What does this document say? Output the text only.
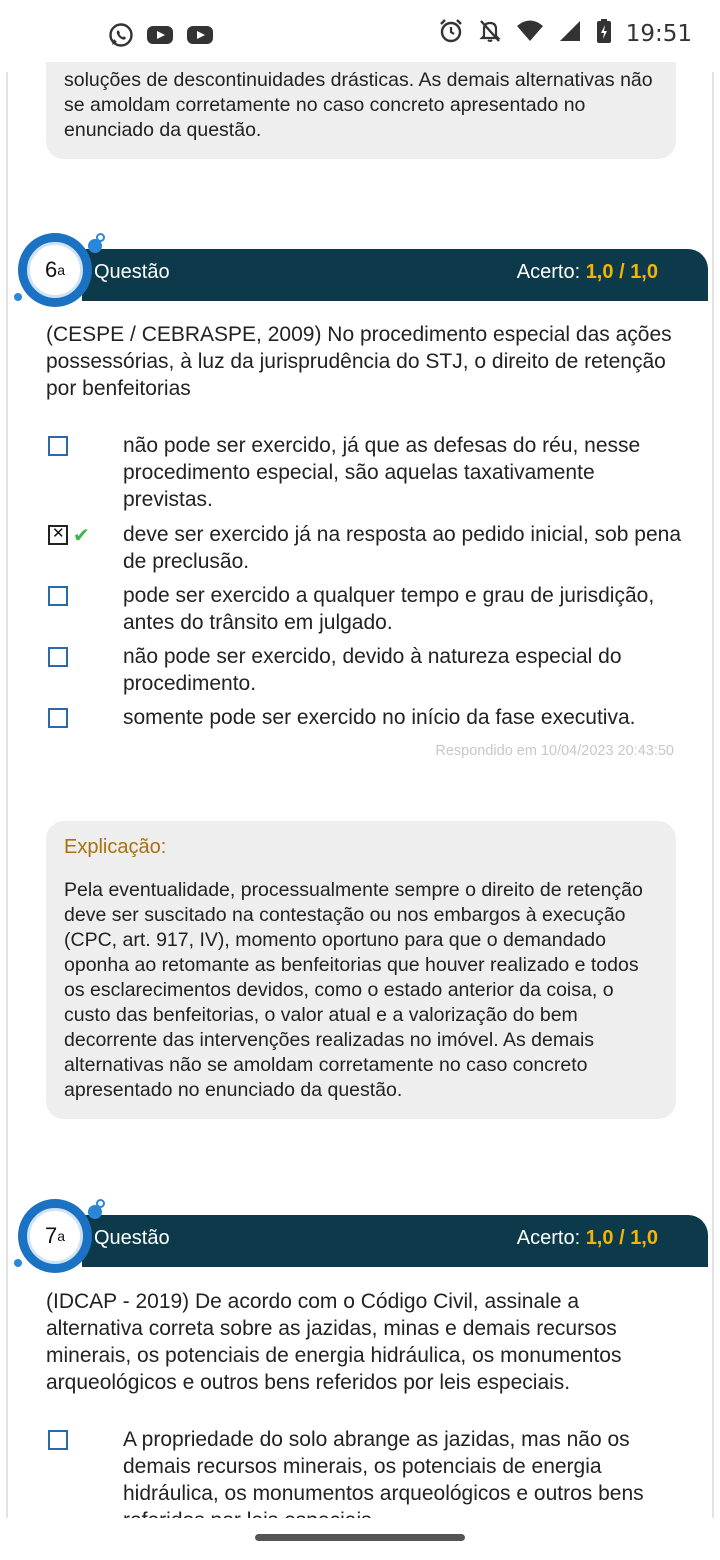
19:51
soluções de descontinuidades drásticas. As demais alternativas não se amoldam corretamente no caso concreto apresentado no enunciado da questão.
6 a Questão	Acerto: 1,0 / 1,0
(CESPE / CEBRASPE, 2009) No procedimento especial das ações possessórias, à luz da jurisprudência do STJ, o direito de retenção por benfeitorias
não pode ser exercido, já que as defesas do réu, nesse procedimento especial, são aquelas taxativamente previstas.
✕
✔ deve ser exercido já na resposta ao pedido inicial, sob pena de preclusão.
pode ser exercido a qualquer tempo e grau de jurisdição, antes do trânsito em julgado.
não pode ser exercido, devido à natureza especial do procedimento.
somente pode ser exercido no início da fase executiva.
Respondido em 10/04/2023 20:43:50
Explicação:
Pela eventualidade, processualmente sempre o direito de retenção deve ser suscitado na contestação ou nos embargos à execução (CPC, art. 917, IV), momento oportuno para que o demandado oponha ao retomante as benfeitorias que houver realizado e todos os esclarecimentos devidos, como o estado anterior da coisa, o custo das benfeitorias, o valor atual e a valorização do bem decorrente das intervenções realizadas no imóvel. As demais alternativas não se amoldam corretamente no caso concreto apresentado no enunciado da questão.
7 a Questão	Acerto: 1,0 / 1,0
(IDCAP - 2019) De acordo com o Código Civil, assinale a alternativa correta sobre as jazidas, minas e demais recursos minerais, os potenciais de energia hidráulica, os monumentos arqueológicos e outros bens referidos por leis especiais.
A propriedade do solo abrange as jazidas, mas não os demais recursos minerais, os potenciais de energia hidráulica, os monumentos arqueológicos e outros bens
